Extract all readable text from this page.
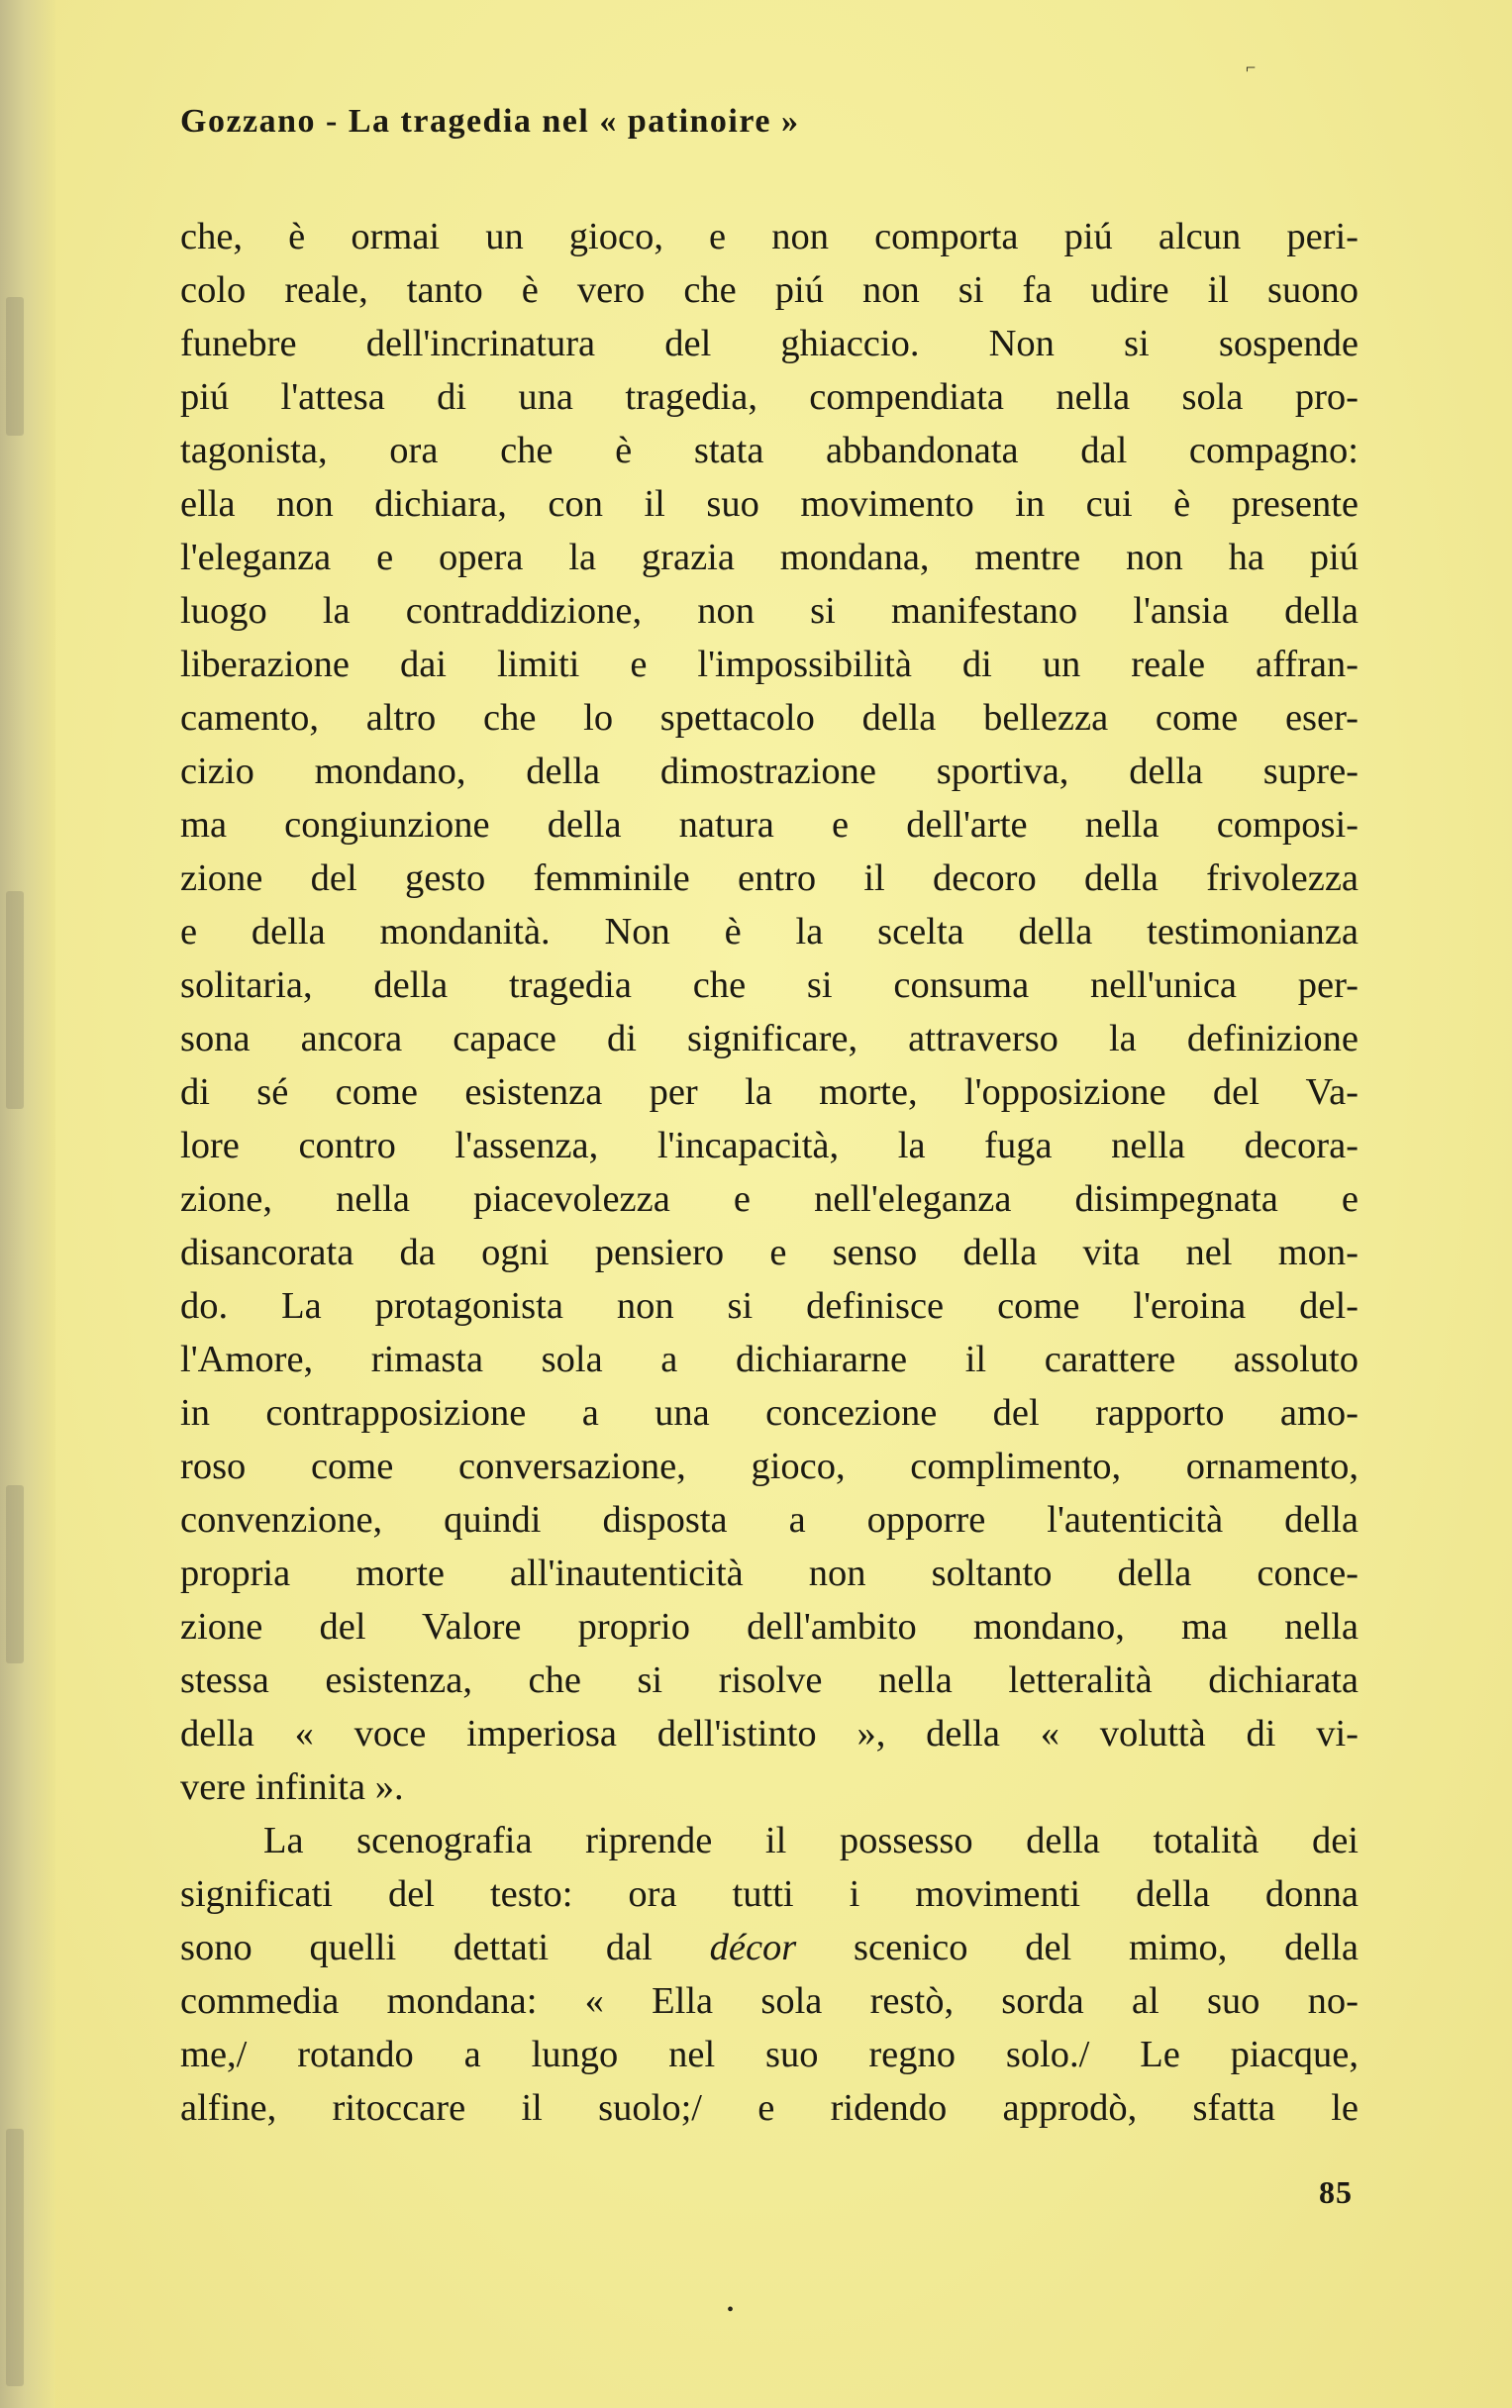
⌐
•
Gozzano - La tragedia nel « patinoire »
che, è ormai un gioco, e non comporta piú alcun peri-
colo reale, tanto è vero che piú non si fa udire il suono
funebre dell'incrinatura del ghiaccio. Non si sospende
piú l'attesa di una tragedia, compendiata nella sola pro-
tagonista, ora che è stata abbandonata dal compagno:
ella non dichiara, con il suo movimento in cui è presente
l'eleganza e opera la grazia mondana, mentre non ha piú
luogo la contraddizione, non si manifestano l'ansia della
liberazione dai limiti e l'impossibilità di un reale affran-
camento, altro che lo spettacolo della bellezza come eser-
cizio mondano, della dimostrazione sportiva, della supre-
ma congiunzione della natura e dell'arte nella composi-
zione del gesto femminile entro il decoro della frivolezza
e della mondanità. Non è la scelta della testimonianza
solitaria, della tragedia che si consuma nell'unica per-
sona ancora capace di significare, attraverso la definizione
di sé come esistenza per la morte, l'opposizione del Va-
lore contro l'assenza, l'incapacità, la fuga nella decora-
zione, nella piacevolezza e nell'eleganza disimpegnata e
disancorata da ogni pensiero e senso della vita nel mon-
do. La protagonista non si definisce come l'eroina del-
l'Amore, rimasta sola a dichiararne il carattere assoluto
in contrapposizione a una concezione del rapporto amo-
roso come conversazione, gioco, complimento, ornamento,
convenzione, quindi disposta a opporre l'autenticità della
propria morte all'inautenticità non soltanto della conce-
zione del Valore proprio dell'ambito mondano, ma nella
stessa esistenza, che si risolve nella letteralità dichiarata
della « voce imperiosa dell'istinto », della « voluttà di vi-
vere infinita ».
La scenografia riprende il possesso della totalità dei
significati del testo: ora tutti i movimenti della donna
sono quelli dettati dal décor scenico del mimo, della
commedia mondana: « Ella sola restò, sorda al suo no-
me,/ rotando a lungo nel suo regno solo./ Le piacque,
alfine, ritoccare il suolo;/ e ridendo approdò, sfatta le
85
